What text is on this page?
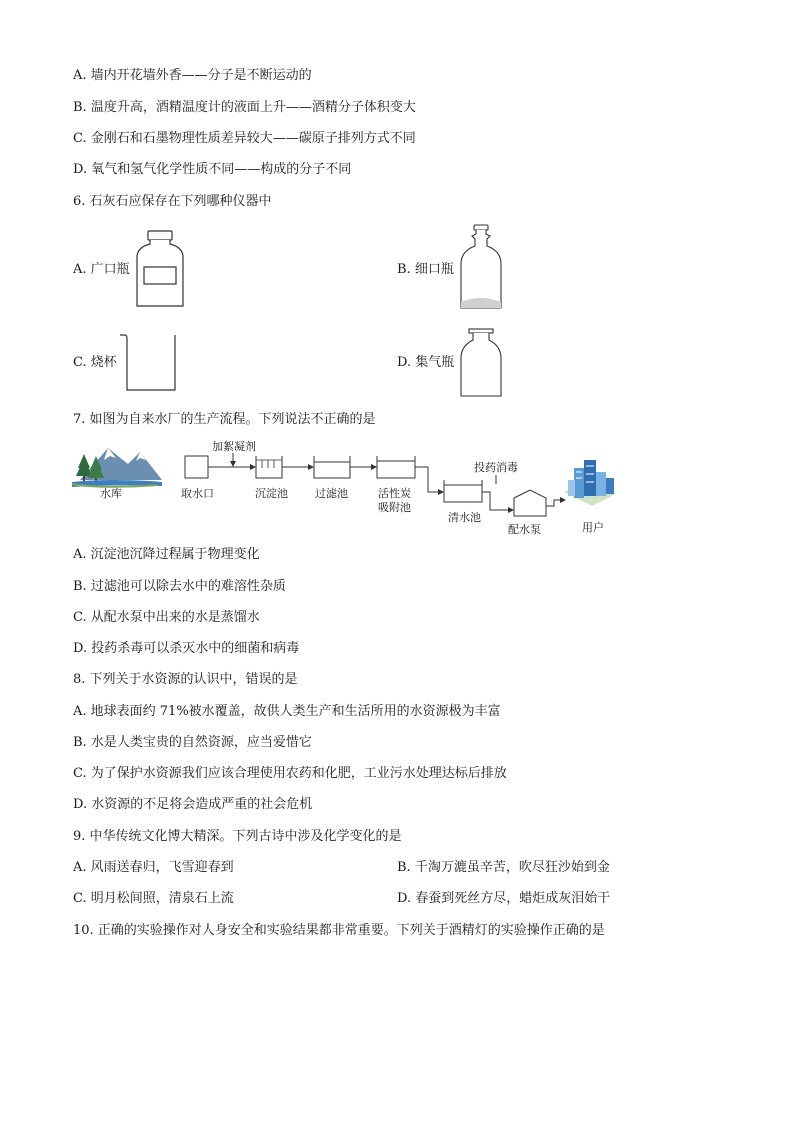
A. 墙内开花墙外香——分子是不断运动的
B. 温度升高，酒精温度计的液面上升——酒精分子体积变大
C. 金刚石和石墨物理性质差异较大——碳原子排列方式不同
D. 氧气和氢气化学性质不同——构成的分子不同
6. 石灰石应保存在下列哪种仪器中
A. 广口瓶	B. 细口瓶
C. 烧杯	D. 集气瓶
7. 如图为自来水厂的生产流程。下列说法不正确的是
水库	取水口
加絮凝剂
沉淀池 过滤池	活性炭
吸附池
清水池
投药消毒
配水泵	用户
A. 沉淀池沉降过程属于物理变化
B. 过滤池可以除去水中的难溶性杂质
C. 从配水泵中出来的水是蒸馏水
D. 投药杀毒可以杀灭水中的细菌和病毒
8. 下列关于水资源的认识中，错误的是
A. 地球表面约 71%被水覆盖，故供人类生产和生活所用的水资源极为丰富
B. 水是人类宝贵的自然资源，应当爱惜它
C. 为了保护水资源我们应该合理使用农药和化肥，工业污水处理达标后排放
D. 水资源的不足将会造成严重的社会危机
9. 中华传统文化博大精深。下列古诗中涉及化学变化的是
A. 风雨送春归，飞雪迎春到	B. 千淘万漉虽辛苦，吹尽狂沙始到金
C. 明月松间照，清泉石上流	D. 春蚕到死丝方尽，蜡炬成灰泪始干
10. 正确的实验操作对人身安全和实验结果都非常重要。下列关于酒精灯的实验操作正确的是
